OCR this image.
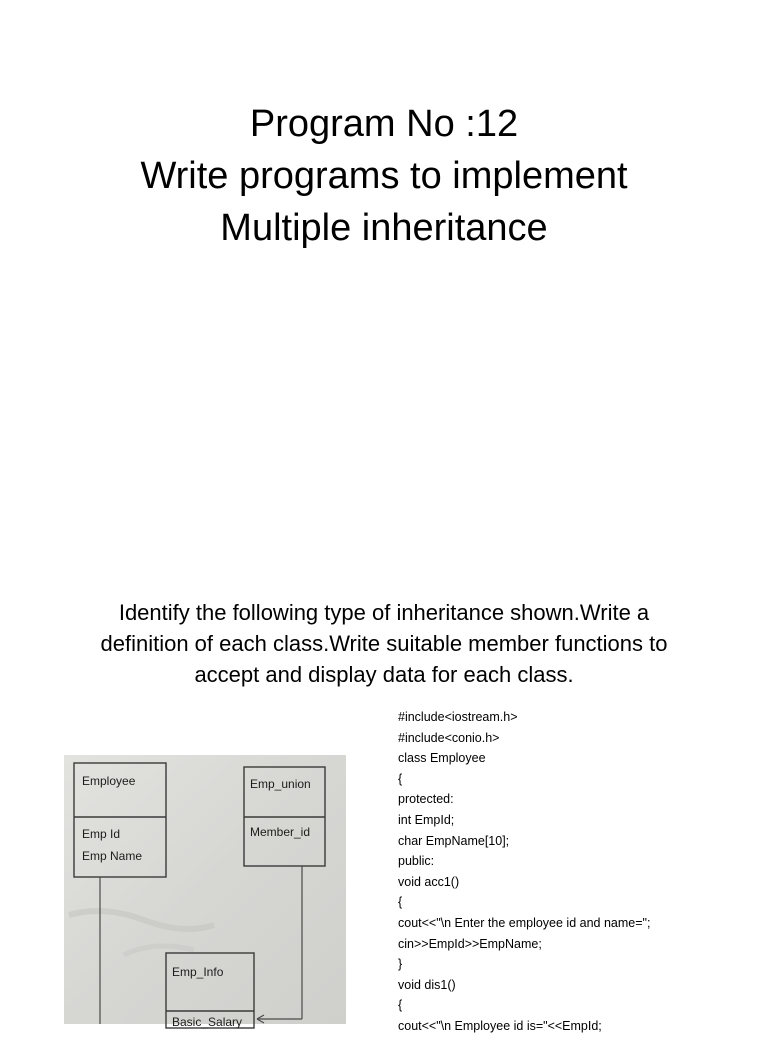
Program No :12
Write programs to implement
Multiple inheritance
Identify the following type of inheritance shown.Write a
definition of each class.Write suitable member functions to
accept and display data for each class.
Employee
Emp Id
Emp Name
Emp_union
Member_id
Emp_Info
Basic_Salary
#include<iostream.h>
#include<conio.h>
class Employee
{
protected:
int EmpId;
char EmpName[10];
public:
void acc1()
{
cout<<"\n Enter the employee id and name=";
cin>>EmpId>>EmpName;
}
void dis1()
{
cout<<"\n Employee id is="<<EmpId;
